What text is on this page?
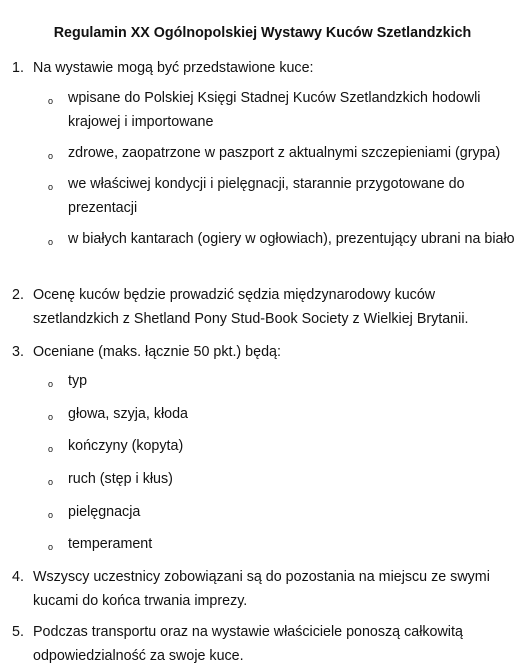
Regulamin XX Ogólnopolskiej Wystawy Kuców Szetlandzkich
1. Na wystawie mogą być przedstawione kuce:
o wpisane do Polskiej Księgi Stadnej Kuców Szetlandzkich hodowli krajowej i importowane
o zdrowe, zaopatrzone w paszport z aktualnymi szczepieniami (grypa)
o we właściwej kondycji i pielęgnacji, starannie przygotowane do prezentacji
o w białych kantarach (ogiery w ogłowiach), prezentujący ubrani na biało
2. Ocenę kuców będzie prowadzić sędzia międzynarodowy kuców szetlandzkich z Shetland Pony Stud-Book Society z Wielkiej Brytanii.
3. Oceniane (maks. łącznie 50 pkt.) będą:
o typ
o głowa, szyja, kłoda
o kończyny (kopyta)
o ruch (stęp i kłus)
o pielęgnacja
o temperament
4. Wszyscy uczestnicy zobowiązani są do pozostania na miejscu ze swymi kucami do końca trwania imprezy.
5. Podczas transportu oraz na wystawie właściciele ponoszą całkowitą odpowiedzialność za swoje kuce.
